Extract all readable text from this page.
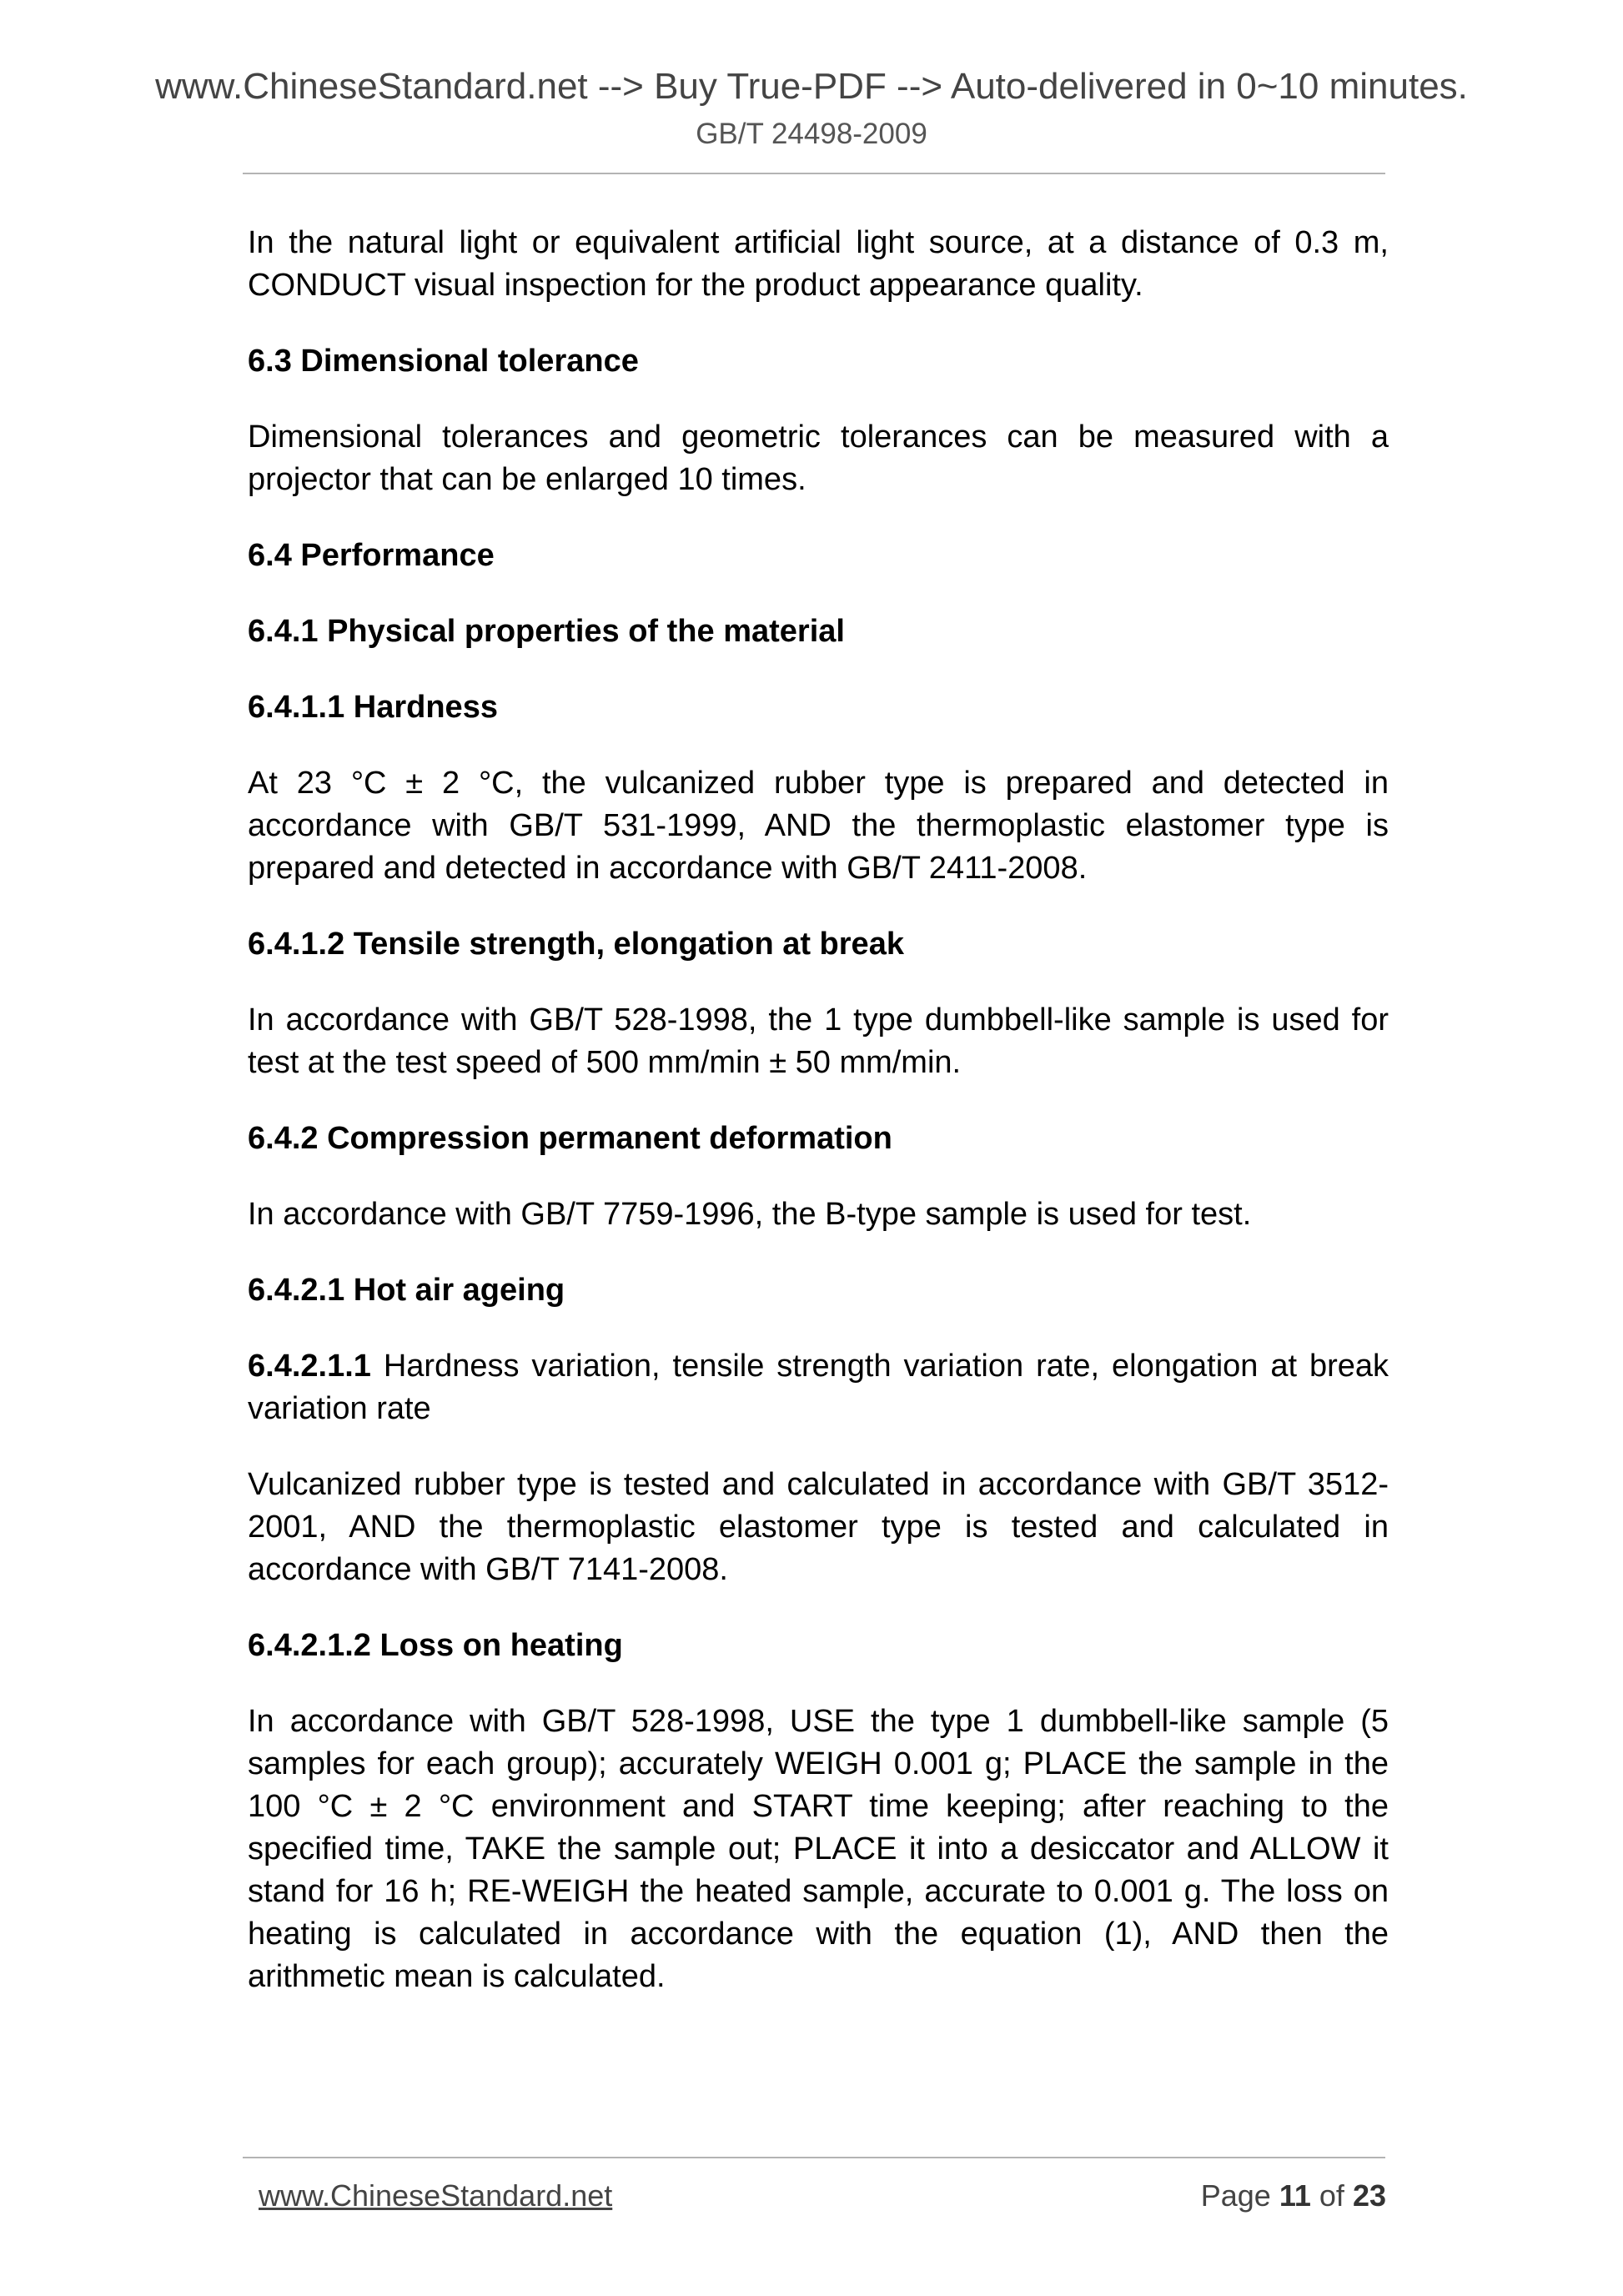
www.ChineseStandard.net --> Buy True-PDF --> Auto-delivered in 0~10 minutes.
GB/T 24498-2009

In the natural light or equivalent artificial light source, at a distance of 0.3 m, CONDUCT visual inspection for the product appearance quality.

6.3 Dimensional tolerance

Dimensional tolerances and geometric tolerances can be measured with a projector that can be enlarged 10 times.

6.4 Performance
6.4.1 Physical properties of the material
6.4.1.1 Hardness

At 23 °C ± 2 °C, the vulcanized rubber type is prepared and detected in accordance with GB/T 531-1999, AND the thermoplastic elastomer type is prepared and detected in accordance with GB/T 2411-2008.

6.4.1.2 Tensile strength, elongation at break

In accordance with GB/T 528-1998, the 1 type dumbbell-like sample is used for test at the test speed of 500 mm/min ± 50 mm/min.

6.4.2 Compression permanent deformation

In accordance with GB/T 7759-1996, the B-type sample is used for test.

6.4.2.1 Hot air ageing

6.4.2.1.1 Hardness variation, tensile strength variation rate, elongation at break variation rate

Vulcanized rubber type is tested and calculated in accordance with GB/T 3512-2001, AND the thermoplastic elastomer type is tested and calculated in accordance with GB/T 7141-2008.

6.4.2.1.2 Loss on heating

In accordance with GB/T 528-1998, USE the type 1 dumbbell-like sample (5 samples for each group); accurately WEIGH 0.001 g; PLACE the sample in the 100 °C ± 2 °C environment and START time keeping; after reaching to the specified time, TAKE the sample out; PLACE it into a desiccator and ALLOW it stand for 16 h; RE-WEIGH the heated sample, accurate to 0.001 g. The loss on heating is calculated in accordance with the equation (1), AND then the arithmetic mean is calculated.

www.ChineseStandard.net	Page 11 of 23
